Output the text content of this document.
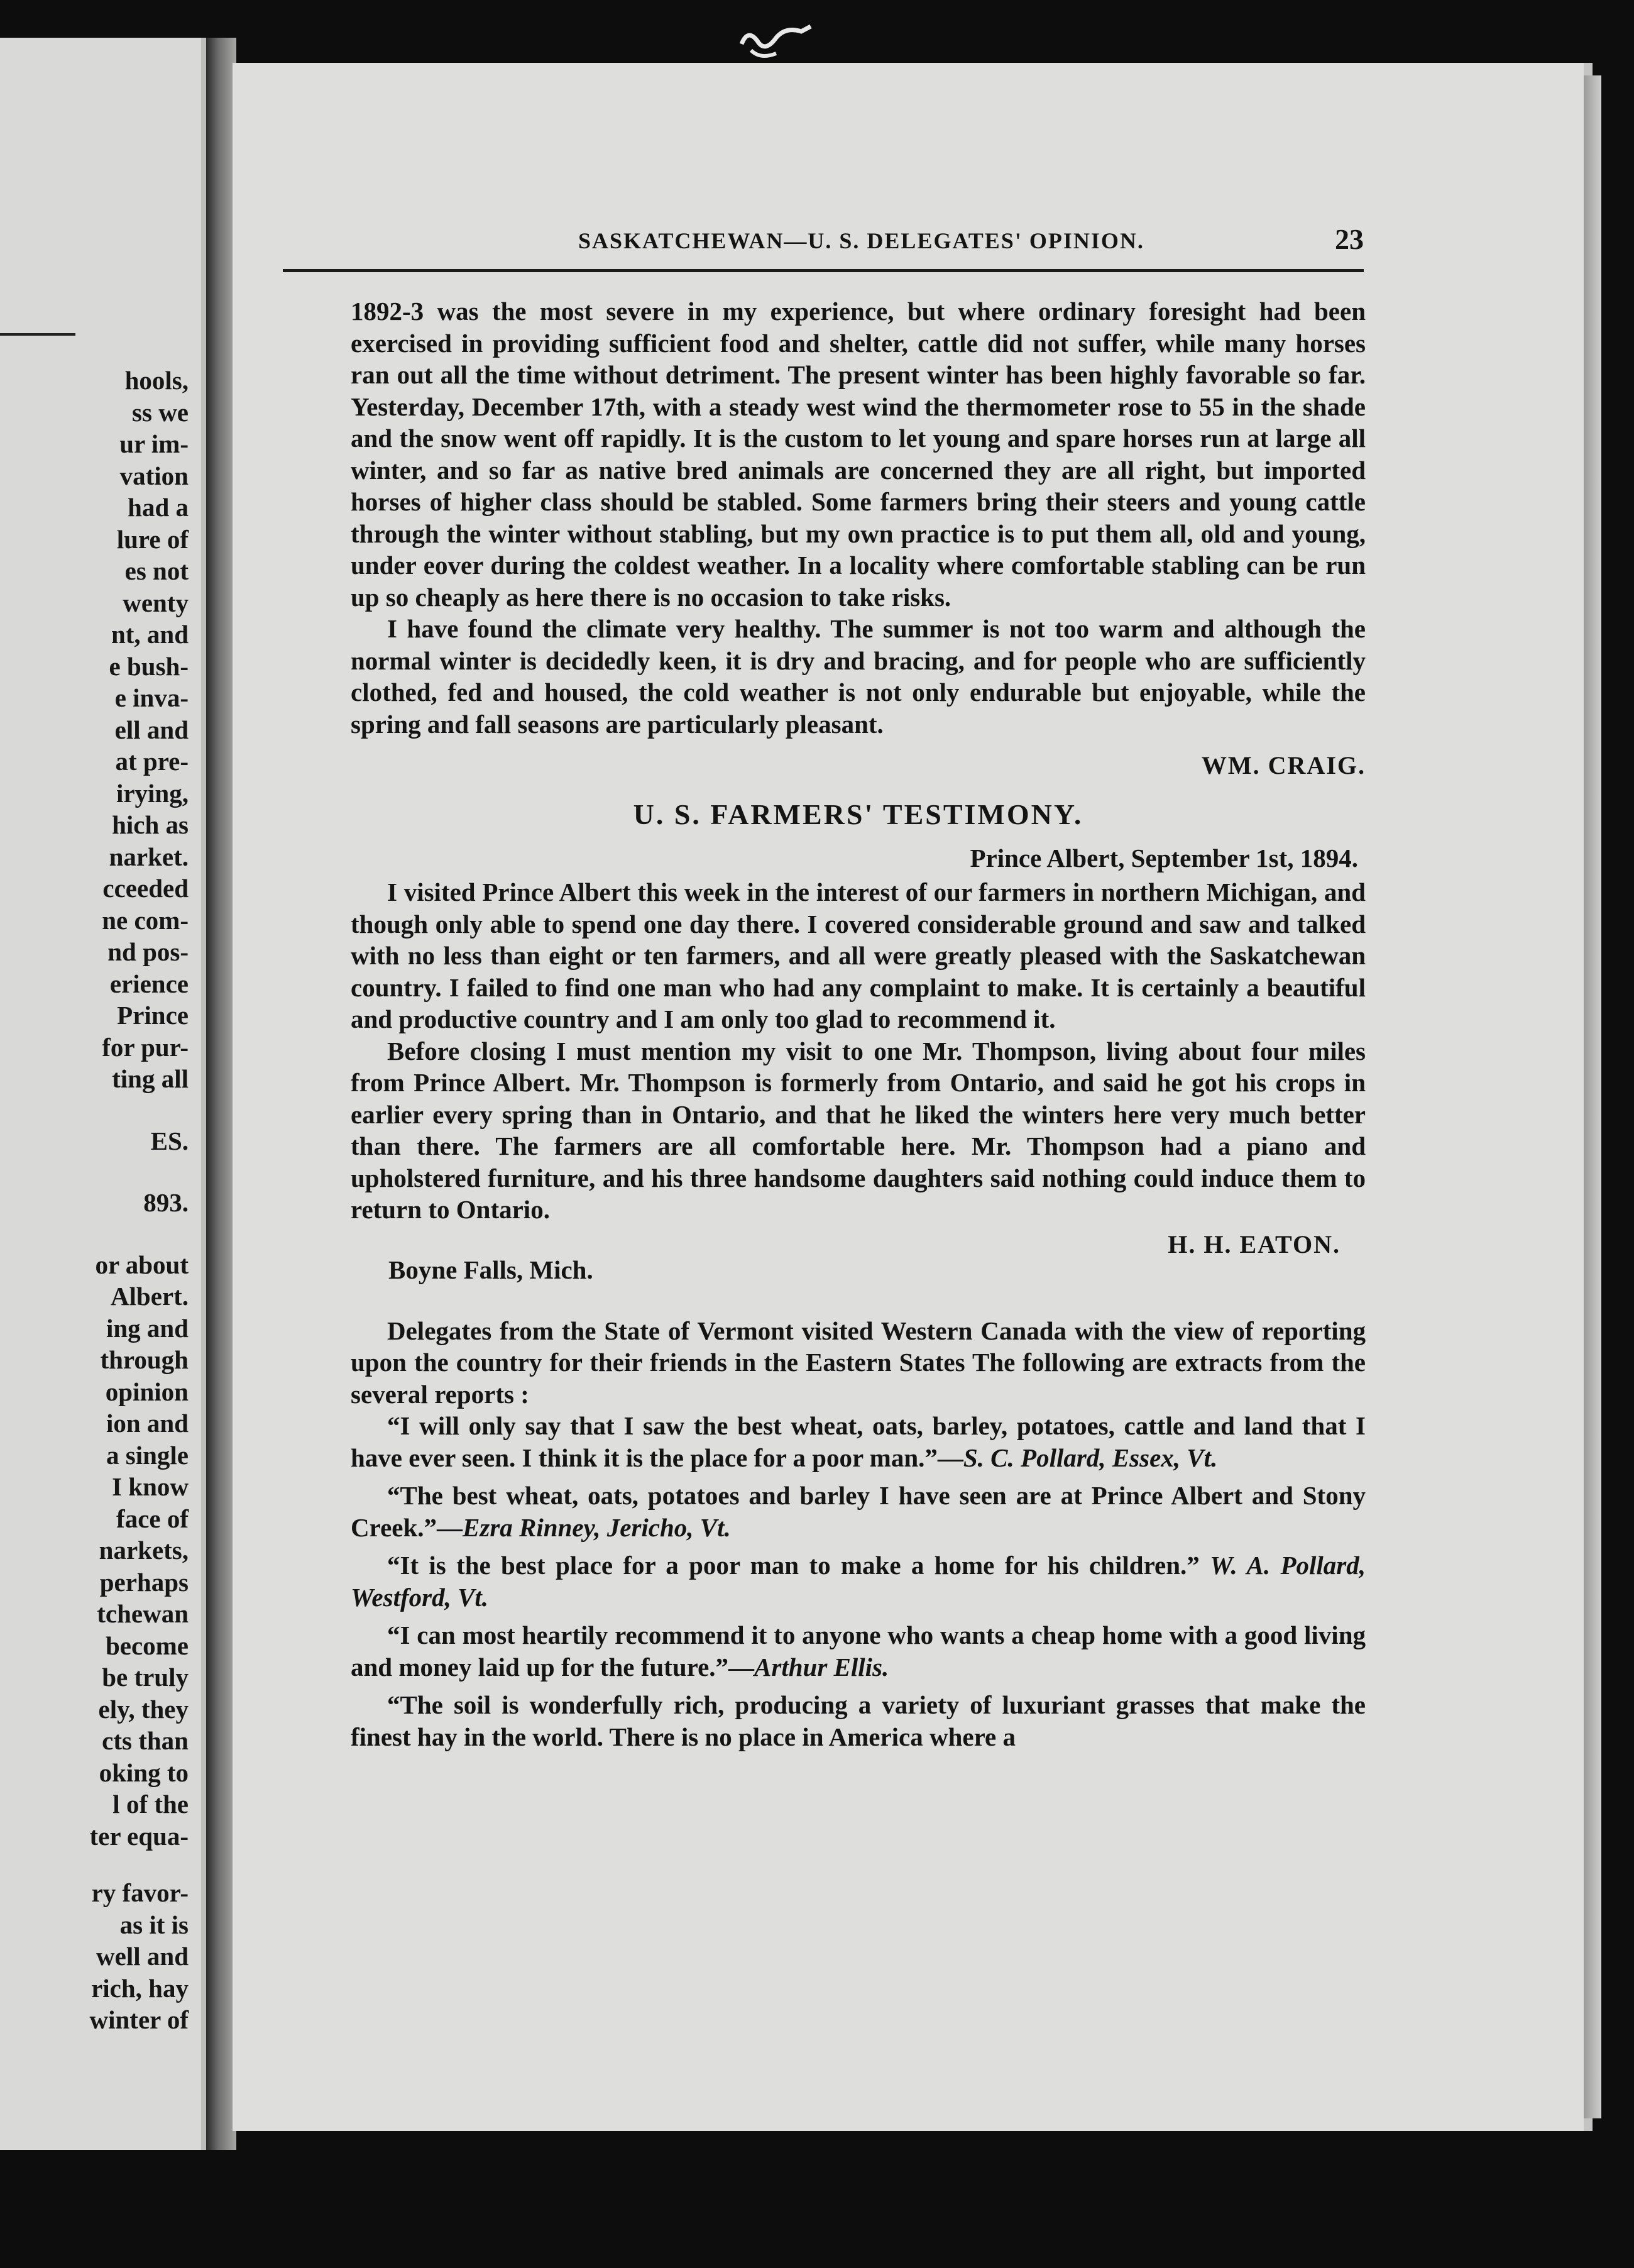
hools,
ss we
ur im-
vation
had a
lure of
es not
wenty
nt, and
e bush-
e inva-
ell and
at pre-
irying,
hich as
narket.
cceeded
ne com-
nd pos-
erience
Prince
for pur-
ting all
ES.
893.
or about
Albert.
ing and
through
opinion
ion and
a single
I know
face of
narkets,
perhaps
tchewan
become
be truly
ely, they
cts than
oking to
l of the
ter equa-
ry favor-
as it is
well and
rich, hay
winter of
SASKATCHEWAN—U. S. DELEGATES' OPINION.	23

1892-3 was the most severe in my experience, but where ordinary foresight had been exercised in providing sufficient food and shelter, cattle did not suffer, while many horses ran out all the time without detriment. The present winter has been highly favorable so far. Yesterday, December 17th, with a steady west wind the thermometer rose to 55 in the shade and the snow went off rapidly. It is the custom to let young and spare horses run at large all winter, and so far as native bred animals are concerned they are all right, but imported horses of higher class should be stabled. Some farmers bring their steers and young cattle through the winter without stabling, but my own practice is to put them all, old and young, under eover during the coldest weather. In a locality where comfortable stabling can be run up so cheaply as here there is no occasion to take risks.

I have found the climate very healthy. The summer is not too warm and although the normal winter is decidedly keen, it is dry and bracing, and for people who are sufficiently clothed, fed and housed, the cold weather is not only endurable but enjoyable, while the spring and fall seasons are particularly pleasant.

WM. CRAIG.

U. S. FARMERS' TESTIMONY.

Prince Albert, September 1st, 1894.

I visited Prince Albert this week in the interest of our farmers in northern Michigan, and though only able to spend one day there. I covered considerable ground and saw and talked with no less than eight or ten farmers, and all were greatly pleased with the Saskatchewan country. I failed to find one man who had any complaint to make. It is certainly a beautiful and productive country and I am only too glad to recommend it.

Before closing I must mention my visit to one Mr. Thompson, living about four miles from Prince Albert. Mr. Thompson is formerly from Ontario, and said he got his crops in earlier every spring than in Ontario, and that he liked the winters here very much better than there. The farmers are all comfortable here. Mr. Thompson had a piano and upholstered furniture, and his three handsome daughters said nothing could induce them to return to Ontario.

H. H. EATON.
Boyne Falls, Mich.

Delegates from the State of Vermont visited Western Canada with the view of reporting upon the country for their friends in the Eastern States The following are extracts from the several reports :

“I will only say that I saw the best wheat, oats, barley, potatoes, cattle and land that I have ever seen. I think it is the place for a poor man.”—S. C. Pollard, Essex, Vt.

“The best wheat, oats, potatoes and barley I have seen are at Prince Albert and Stony Creek.”—Ezra Rinney, Jericho, Vt.

“It is the best place for a poor man to make a home for his children.” W. A. Pollard, Westford, Vt.

“I can most heartily recommend it to anyone who wants a cheap home with a good living and money laid up for the future.”—Arthur Ellis.

“The soil is wonderfully rich, producing a variety of luxuriant grasses that make the finest hay in the world. There is no place in America where a
